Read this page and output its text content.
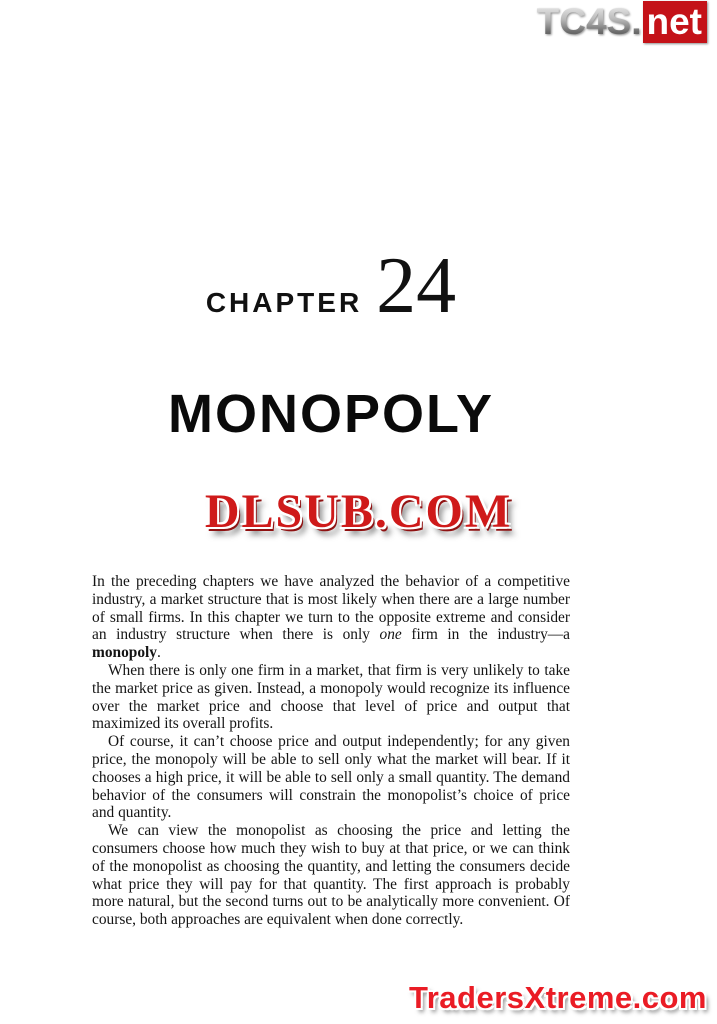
TC4S. net
CHAPTER 24
MONOPOLY
DLSUB.COM

In the preceding chapters we have analyzed the behavior of a competitive industry, a market structure that is most likely when there are a large number of small firms. In this chapter we turn to the opposite extreme and consider an industry structure when there is only one firm in the industry—a monopoly.

When there is only one firm in a market, that firm is very unlikely to take the market price as given. Instead, a monopoly would recognize its influence over the market price and choose that level of price and output that maximized its overall profits.

Of course, it can’t choose price and output independently; for any given price, the monopoly will be able to sell only what the market will bear. If it chooses a high price, it will be able to sell only a small quantity. The demand behavior of the consumers will constrain the monopolist’s choice of price and quantity.

We can view the monopolist as choosing the price and letting the consumers choose how much they wish to buy at that price, or we can think of the monopolist as choosing the quantity, and letting the consumers decide what price they will pay for that quantity. The first approach is probably more natural, but the second turns out to be analytically more convenient. Of course, both approaches are equivalent when done correctly.

TradersXtreme.com
